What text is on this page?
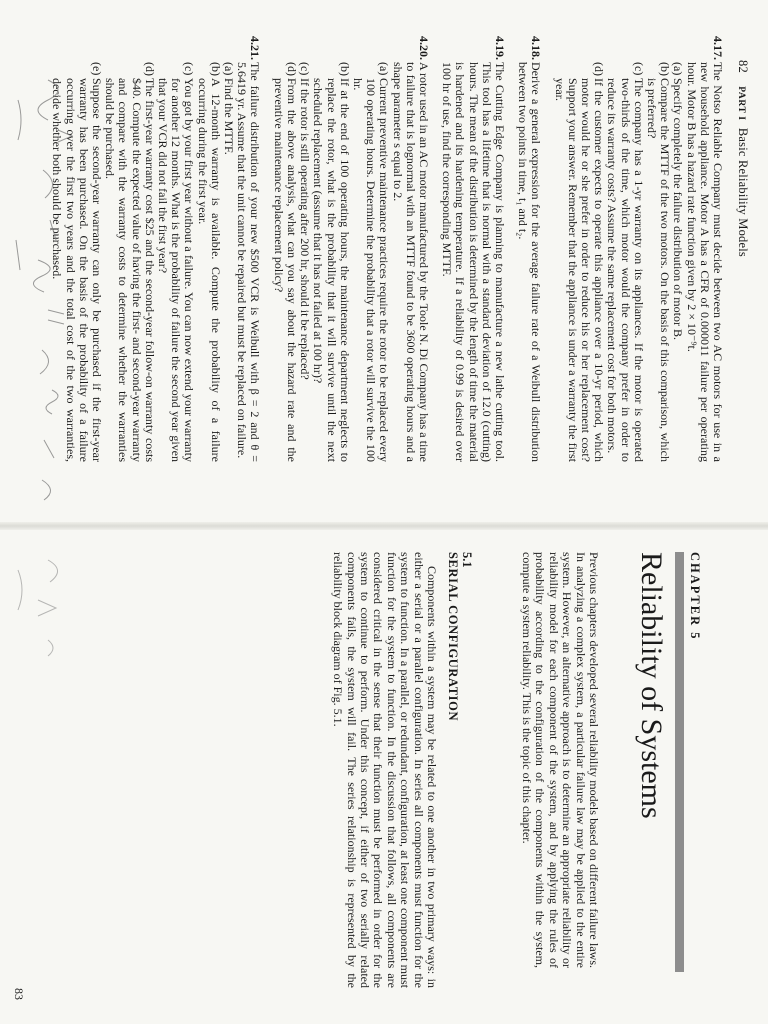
82 PART I Basic Reliability Models
4.17.The Notso Reliable Company must decide between two AC motors for use in a new household appliance. Motor A has a CFR of 0.000011 failure per operating hour. Motor B has a hazard rate function given by 2 × 10⁻⁹t.
(a)Specify completely the failure distribution of motor B.
(b)Compare the MTTF of the two motors. On the basis of this comparison, which is preferred?
(c)The company has a 1-yr warranty on its appliances. If the motor is operated two-thirds of the time, which motor would the company prefer in order to reduce its warranty costs? Assume the same replacement cost for both motors.
(d)If the customer expects to operate this appliance over a 10-yr period, which motor would he or she prefer in order to reduce his or her replacement cost? Support your answer. Remember that the appliance is under a warranty the first year.
4.18.Derive a general expression for the average failure rate of a Weibull distribution between two points in time, t₁ and t₂.
4.19.The Cutting Edge Company is planning to manufacture a new lathe cutting tool. This tool has a lifetime that is normal with a standard deviation of 12.0 (cutting) hours. The mean of the distribution is determined by the length of time the material is hardened and its hardening temperature. If a reliability of 0.99 is desired over 100 hr of use, find the corresponding MTTF.
4.20.A rotor used in an AC motor manufactured by the Toole N. Di Company has a time to failure that is lognormal with an MTTF found to be 3600 operating hours and a shape parameter s equal to 2.
(a)Current preventive maintenance practices require the rotor to be replaced every 100 operating hours. Determine the probability that a rotor will survive the 100 hr.
(b)If at the end of 100 operating hours, the maintenance department neglects to replace the rotor, what is the probability that it will survive until the next scheduled replacement (assume that it has not failed at 100 hr)?
(c)If the rotor is still operating after 200 hr, should it be replaced?
(d)From the above analysis, what can you say about the hazard rate and the preventive maintenance replacement policy?
4.21.The failure distribution of your new $500 VCR is Weibull with β = 2 and θ = 5.6419 yr. Assume that the unit cannot be repaired but must be replaced on failure.
(a)Find the MTTF.
(b)A 12-month warranty is available. Compute the probability of a failure occurring during the first year.
(c)You got by your first year without a failure. You can now extend your warranty for another 12 months. What is the probability of failure the second year given that your VCR did not fail the first year?
(d)The first-year warranty cost $25 and the second-year follow-on warranty costs $40. Compute the expected value of having the first- and second-year warranty and compare with the warranty costs to determine whether the warranties should be purchased.
(e)Suppose the second-year warranty can only be purchased if the first-year warranty has been purchased. On the basis of the probability of a failure occurring over the first two years and the total cost of the two warranties, decide whether both should be purchased.
CHAPTER 5
Reliability of Systems

Previous chapters developed several reliability models based on different failure laws. In analyzing a complex system, a particular failure law may be applied to the entire system. However, an alternative approach is to determine an appropriate reliability or reliability model for each component of the system, and by applying the rules of probability according to the configuration of the components within the system, compute a system reliability. This is the topic of this chapter.

5.1
SERIAL CONFIGURATION

Components within a system may be related to one another in two primary ways: in either a serial or a parallel configuration. In series all components must function for the system to function. In a parallel, or redundant, configuration, at least one component must function for the system to function. In the discussion that follows, all components are considered critical in the sense that their function must be performed in order for the system to continue to perform. Under this concept, if either of two serially related components fails, the system will fail. The series relationship is represented by the reliability block diagram of Fig. 5.1.

83
